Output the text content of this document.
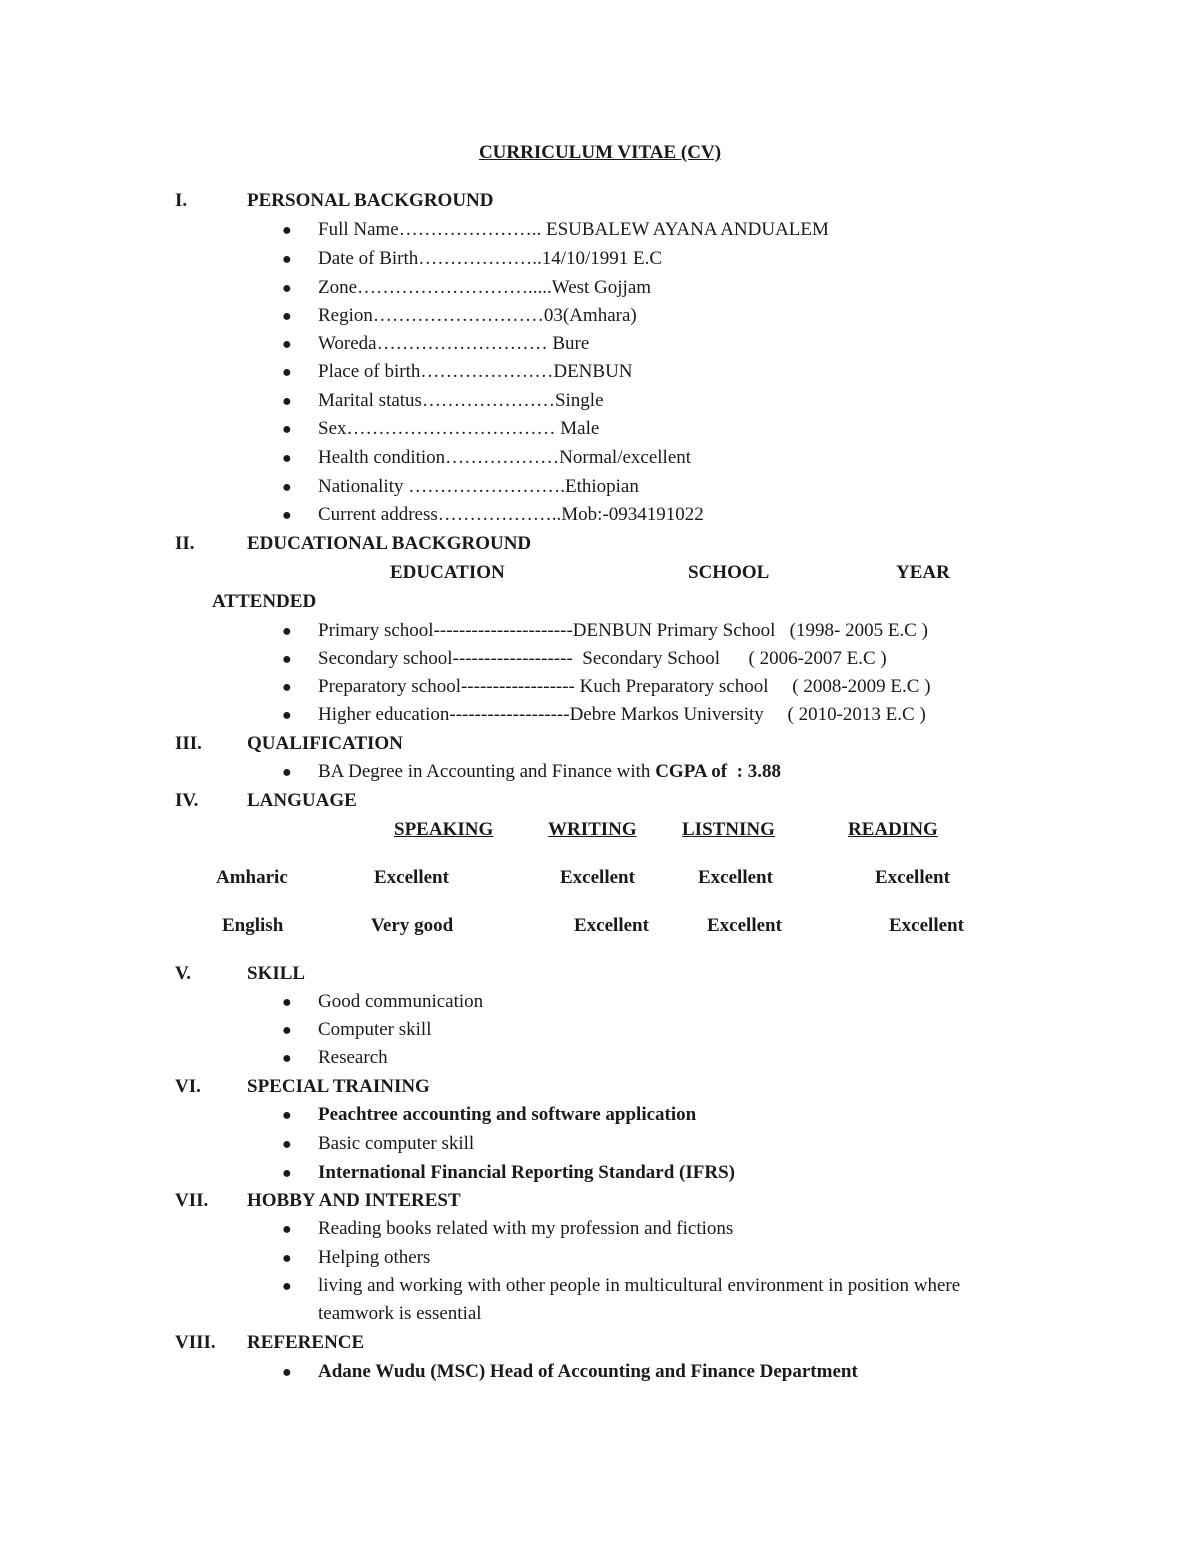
CURRICULUM VITAE (CV)
I.	PERSONAL BACKGROUND
● Full Name………………….. ESUBALEW AYANA ANDUALEM
● Date of Birth………………..14/10/1991 E.C
● Zone……………………….....West Gojjam
● Region………………………03(Amhara)
● Woreda……………………… Bure
● Place of birth…………………DENBUN
● Marital status…………………Single
● Sex…………………………… Male
● Health condition………………Normal/excellent
● Nationality …………………….Ethiopian
● Current address………………..Mob:-0934191022
II.	EDUCATIONAL BACKGROUND
EDUCATION	SCHOOL	YEAR
ATTENDED
● Primary school----------------------DENBUN Primary School   (1998- 2005 E.C )
● Secondary school-------------------  Secondary School      ( 2006-2007 E.C )
● Preparatory school------------------ Kuch Preparatory school     ( 2008-2009 E.C )
● Higher education-------------------Debre Markos University     ( 2010-2013 E.C )
III. QUALIFICATION
● BA Degree in Accounting and Finance with CGPA of  : 3.88
IV.	LANGUAGE
SPEAKING	WRITING LISTNING	READING
Amharic	Excellent	Excellent	Excellent	Excellent
English	Very good	Excellent	Excellent	Excellent
V.	SKILL
● Good communication
● Computer skill
● Research
VI. SPECIAL TRAINING
● Peachtree accounting and software application
● Basic computer skill
● International Financial Reporting Standard (IFRS)
VII. HOBBY AND INTEREST
● Reading books related with my profession and fictions
● Helping others
● living and working with other people in multicultural environment in position where
teamwork is essential
VIII. REFERENCE
● Adane Wudu (MSC) Head of Accounting and Finance Department
